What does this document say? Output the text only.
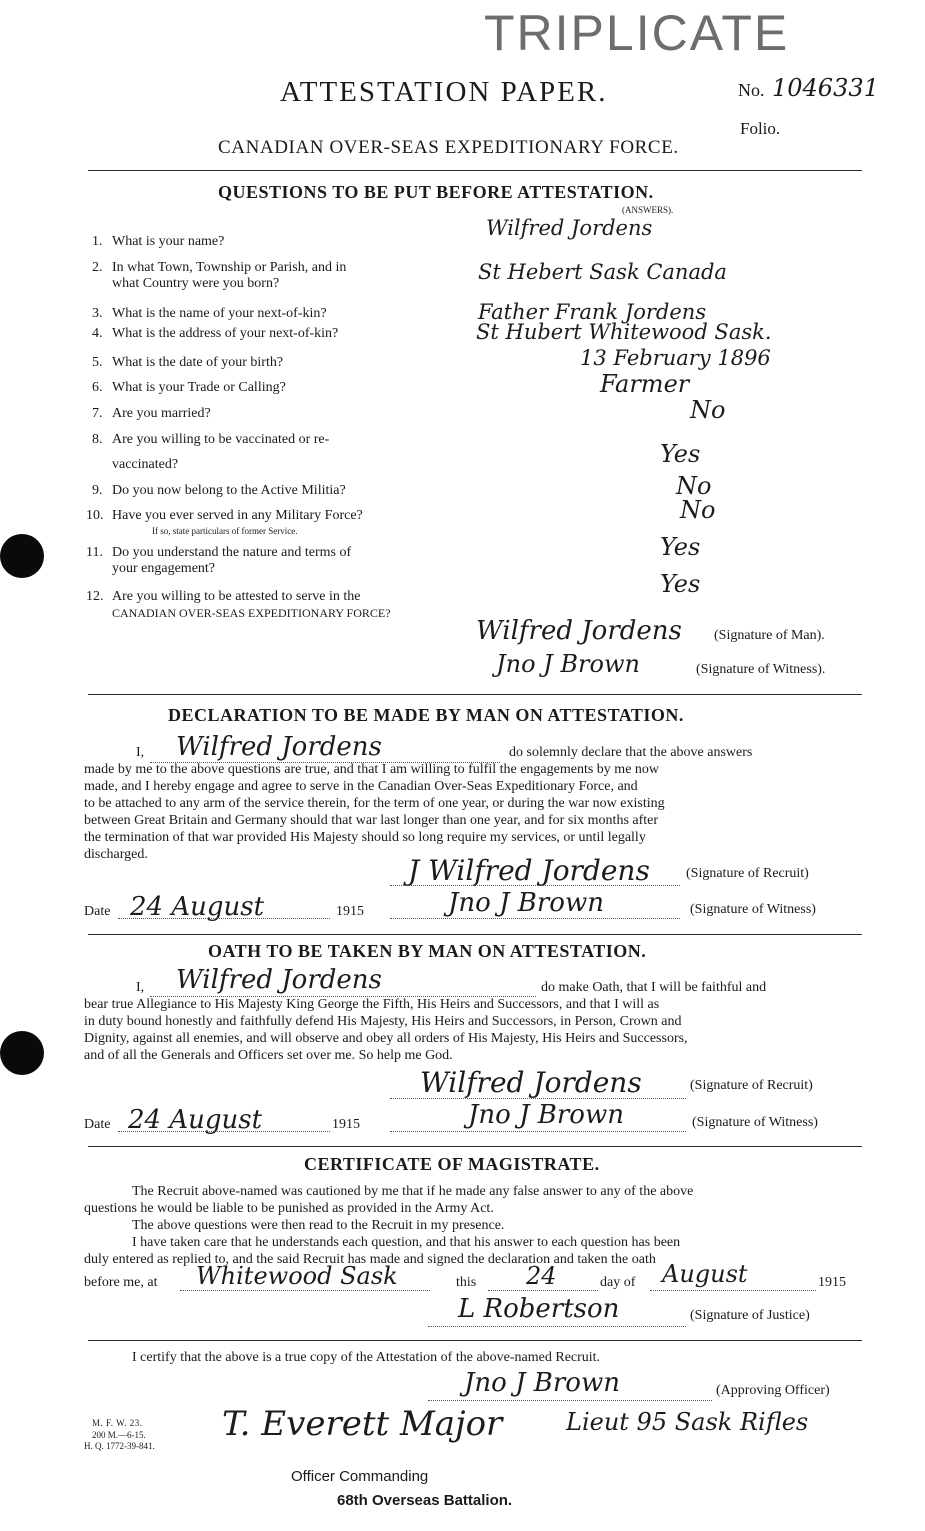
TRIPLICATE
ATTESTATION PAPER.	No. 1046331
Folio.
CANADIAN OVER-SEAS EXPEDITIONARY FORCE.
QUESTIONS TO BE PUT BEFORE ATTESTATION.
(ANSWERS).
1. What is your name?
Wilfred Jordens
2. In what Town, Township or Parish, and in
what Country were you born?	St Hebert Sask Canada
3. What is the name of your next-of-kin?	Father Frank Jordens
4. What is the address of your next-of-kin?	St Hubert Whitewood Sask.
5. What is the date of your birth?	13 February 1896
6. What is your Trade or Calling?	Farmer
7. Are you married?	No
8. Are you willing to be vaccinated or re-
vaccinated?	Yes
9. Do you now belong to the Active Militia?	No
10. Have you ever served in any Military Force?
If so, state particulars of former Service.
No
11. Do you understand the nature and terms of
your engagement?
Yes
12. Are you willing to be attested to serve in the
CANADIAN OVER-SEAS EXPEDITIONARY FORCE?
Yes
Wilfred Jordens (Signature of Man).
Jno J Brown	(Signature of Witness).
DECLARATION TO BE MADE BY MAN ON ATTESTATION.
I, Wilfred Jordens	do solemnly declare that the above answers
made by me to the above questions are true, and that I am willing to fulfil the engagements by me now
made, and I hereby engage and agree to serve in the Canadian Over-Seas Expeditionary Force, and
to be attached to any arm of the service therein, for the term of one year, or during the war now existing
between Great Britain and Germany should that war last longer than one year, and for six months after
the termination of that war provided His Majesty should so long require my services, or until legally
discharged.	J Wilfred Jordens	(Signature of Recruit)
Date 24 August	1915	Jno J Brown	(Signature of Witness)
OATH TO BE TAKEN BY MAN ON ATTESTATION.
I, Wilfred Jordens	do make Oath, that I will be faithful and
bear true Allegiance to His Majesty King George the Fifth, His Heirs and Successors, and that I will as
in duty bound honestly and faithfully defend His Majesty, His Heirs and Successors, in Person, Crown and
Dignity, against all enemies, and will observe and obey all orders of His Majesty, His Heirs and Successors,
and of all the Generals and Officers set over me. So help me God.
Wilfred Jordens	(Signature of Recruit)
Date 24 August	1915	Jno J Brown	(Signature of Witness)
CERTIFICATE OF MAGISTRATE.
The Recruit above-named was cautioned by me that if he made any false answer to any of the above
questions he would be liable to be punished as provided in the Army Act.
The above questions were then read to the Recruit in my presence.
I have taken care that he understands each question, and that his answer to each question has been
duly entered as replied to, and the said Recruit has made and signed the declaration and taken the oath
before me, at Whitewood Sask	this 24	day of August	1915
L Robertson	(Signature of Justice)
I certify that the above is a true copy of the Attestation of the above-named Recruit.
Jno J Brown	(Approving Officer)
M. F. W. 23.
200 M.—6-15.
H. Q. 1772-39-841.
T. Everett Major	Lieut 95 Sask Rifles
Officer Commanding
68th Overseas Battalion.
